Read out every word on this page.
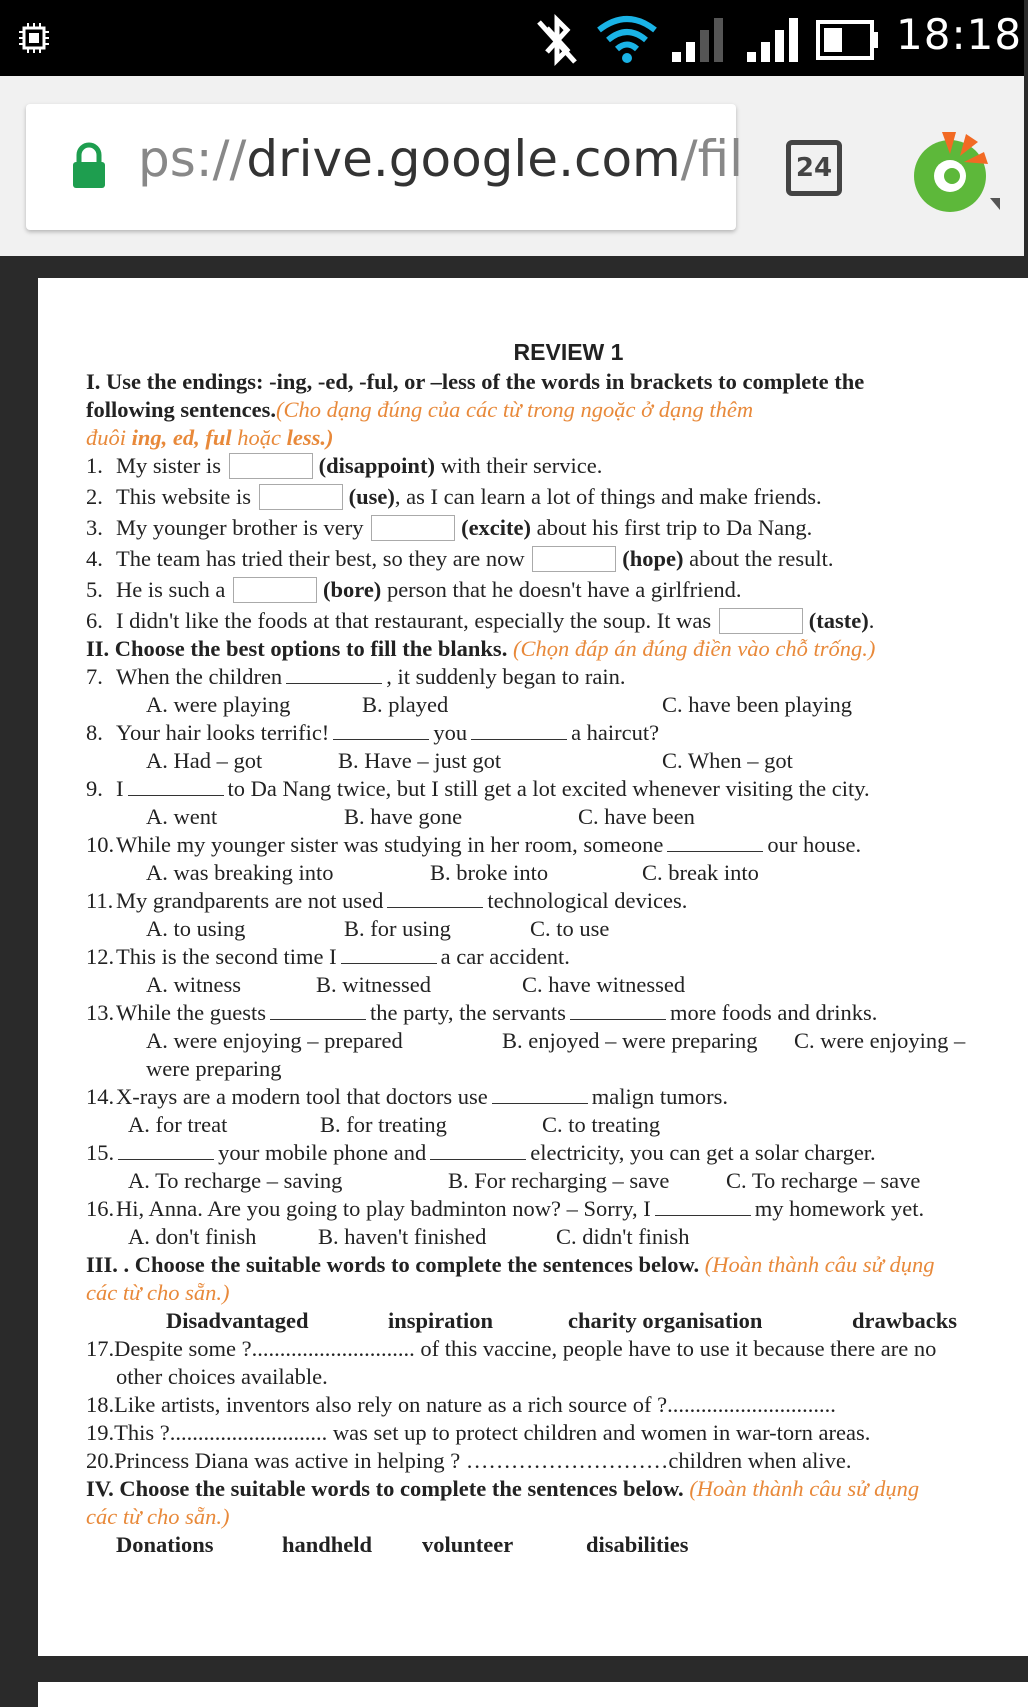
18:18
ps://drive.google.com/fil	24
REVIEW 1
I. Use the endings: -ing, -ed, -ful, or –less of the words in brackets to complete the
following sentences.(Cho dạng đúng của các từ trong ngoặc ở dạng thêm
đuôi ing, ed, ful hoặc less.)
1. My sister is	(disappoint) with their service.
2. This website is	(use), as I can learn a lot of things and make friends.
3. My younger brother is very	(excite) about his first trip to Da Nang.
4. The team has tried their best, so they are now	(hope) about the result.
5. He is such a	(bore) person that he doesn't have a girlfriend.
6. I didn't like the foods at that restaurant, especially the soup. It was	(taste).
II. Choose the best options to fill the blanks. (Chọn đáp án đúng điền vào chỗ trống.)
7. When the children	, it suddenly began to rain.
A. were playing	B. played	C. have been playing
8. Your hair looks terrific!	you	a haircut?
A. Had – got	B. Have – just got	C. When – got
9. I	to Da Nang twice, but I still get a lot excited whenever visiting the city.
A. went	B. have gone	C. have been
10.While my younger sister was studying in her room, someone	our house.
A. was breaking into	B. broke into	C. break into
11. My grandparents are not used	technological devices.
A. to using	B. for using	C. to use
12.This is the second time I	a car accident.
A. witness	B. witnessed	C. have witnessed
13.While the guests	the party, the servants	more foods and drinks.
A. were enjoying – prepared	B. enjoyed – were preparing C. were enjoying –
were preparing
14.X-rays are a modern tool that doctors use	malign tumors.
A. for treat	B. for treating	C. to treating
15.	your mobile phone and	electricity, you can get a solar charger.
A. To recharge – saving	B. For recharging – save	C. To recharge – save
16.Hi, Anna. Are you going to play badminton now? – Sorry, I	my homework yet.
A. don't finish	B. haven't finished	C. didn't finish
III. . Choose the suitable words to complete the sentences below. (Hoàn thành câu sử dụng
các từ cho sẵn.)
Disadvantaged	inspiration	charity organisation	drawbacks
17.Despite some ?............................. of this vaccine, people have to use it because there are no
other choices available.
18.Like artists, inventors also rely on nature as a rich source of ?..............................
19.This ?............................ was set up to protect children and women in war-torn areas.
20.Princess Diana was active in helping ? ………………………children when alive.
IV. Choose the suitable words to complete the sentences below. (Hoàn thành câu sử dụng
các từ cho sẵn.)
Donations	handheld volunteer	disabilities
